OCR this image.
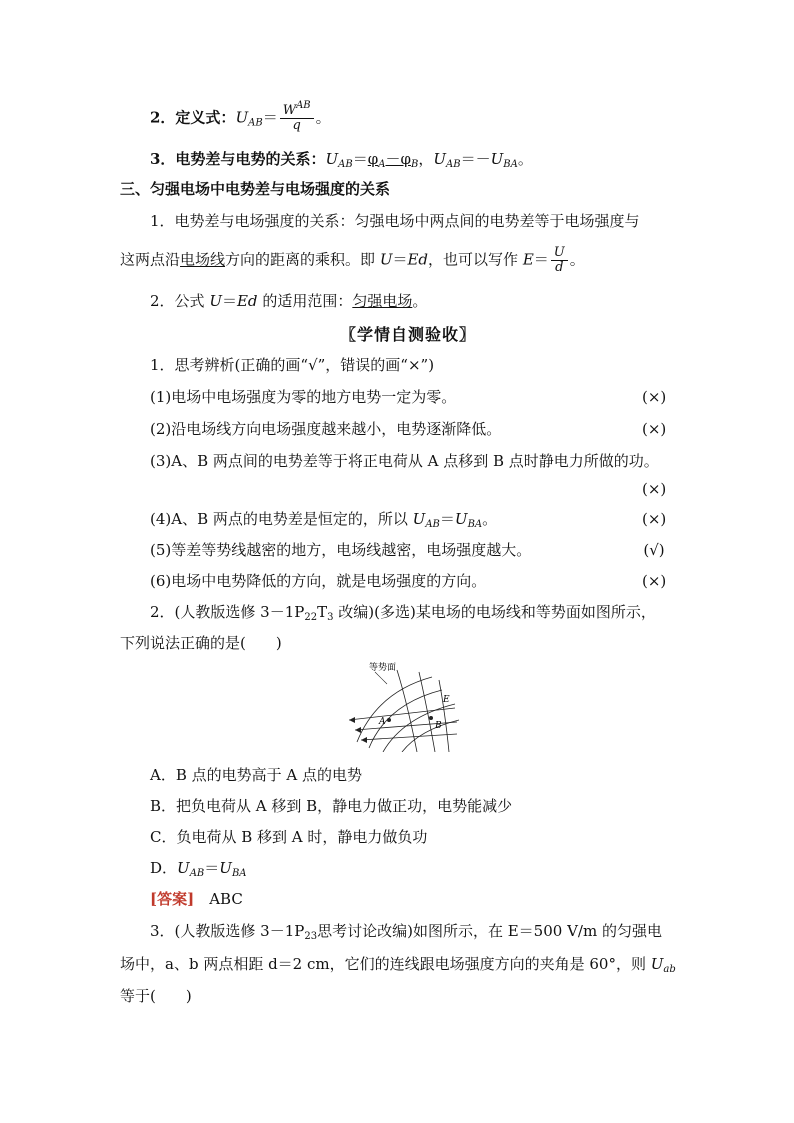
2．定义式：$U_{AB}= \frac{W^{AB}}{q}$ 。
3．电势差与电势的关系：$U_{AB}=\varphi_A-\varphi_B$，$U_{AB}=-U_{BA}$。
三、匀强电场中电势差与电场强度的关系
1．电势差与电场强度的关系：匀强电场中两点间的电势差等于电场强度与
这两点沿电场线方向的距离的乘积。即 U＝Ed，也可以写作 $E= \frac{U}{d}$ 。
2．公式 U＝Ed 的适用范围：匀强电场。
〖学情自测验收〗
1．思考辨析(正确的画“√”，错误的画“×”)
(1)电场中电场强度为零的地方电势一定为零。	(×)
(2)沿电场线方向电场强度越来越小，电势逐渐降低。	(×)
(3)A、B 两点间的电势差等于将正电荷从 A 点移到 B 点时静电力所做的功。
(×)
(4)A、B 两点的电势差是恒定的，所以 $U_{AB}=U_{BA}$。	(×)
(5)等差等势线越密的地方，电场线越密，电场强度越大。	(√)
(6)电场中电势降低的方向，就是电场强度的方向。	(×)
2．(人教版选修 $3-1P_{22}T_3$ 改编)(多选)某电场的电场线和等势面如图所示，
下列说法正确的是(　　)
等势面
A	B
E
A．B 点的电势高于 A 点的电势
B．把负电荷从 A 移到 B，静电力做正功，电势能减少
C．负电荷从 B 移到 A 时，静电力做负功
D．$U_{AB}=U_{BA}$
[答案]　 ABC
3．(人教版选修 $3-1P_{23}$思考讨论改编)如图所示，在 E＝500 V/m 的匀强电
场中，a、b 两点相距 d＝2 cm，它们的连线跟电场强度方向的夹角是 60°，则 $U_{ab}$
等于(　　)
